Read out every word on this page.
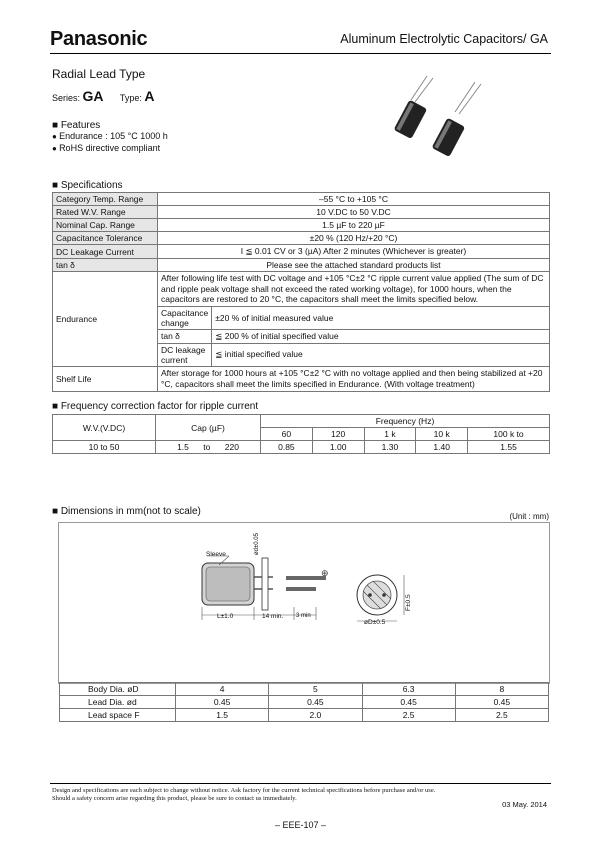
Panasonic	Aluminum Electrolytic Capacitors/ GA
Radial Lead Type
Series: GA Type: A
■ Features
● Endurance : 105 °C 1000 h
● RoHS directive compliant
■ Specifications
Category Temp. Range	–55 °C to +105 °C	
Rated W.V. Range	10 V.DC to 50 V.DC	
Nominal Cap. Range	1.5 µF to 220 µF	
Capacitance Tolerance	±20 % (120 Hz/+20 °C)	
DC Leakage Current	I ≦ 0.01 CV or 3 (µA) After 2 minutes (Whichever is greater)	
tan δ	Please see the attached standard products list	
Endurance	After following life test with DC voltage and +105 °C±2 °C ripple current value applied (The sum of DC and ripple peak voltage shall not exceed the rated working voltage), for 1000 hours, when the capacitors are restored to 20 °C, the capacitors shall meet the limits specified below.	
	Capacitance change	±20 % of initial measured value
	tan δ	≦ 200 % of initial specified value
	DC leakage current	≦ initial specified value
Shelf Life	After storage for 1000 hours at +105 °C±2 °C with no voltage applied and then being stabilized at +20 °C, capacitors shall meet the limits specified in Endurance. (With voltage treatment)	
■ Frequency correction factor for ripple current
W.V.(V.DC)	Cap (µF)	Frequency (Hz)				
		60	120	1 k	10 k	100 k to
10 to 50	1.5 to 220	0.85	1.00	1.30	1.40	1.55
■ Dimensions in mm(not to scale)	(Unit : mm)
⊕
Sleeve	ød±0.05
L±1.0	14 min. 3 min
øD±0.5
F±0.5
Body Dia. øD	4	5	6.3	8
Lead Dia. ød	0.45	0.45	0.45	0.45
Lead space F	1.5	2.0	2.5	2.5
Design and specifications are each subject to change without notice. Ask factory for the current technical specifications before purchase and/or use.
Should a safety concern arise regarding this product, please be sure to contact us immediately.
03 May. 2014
– EEE-107 –
